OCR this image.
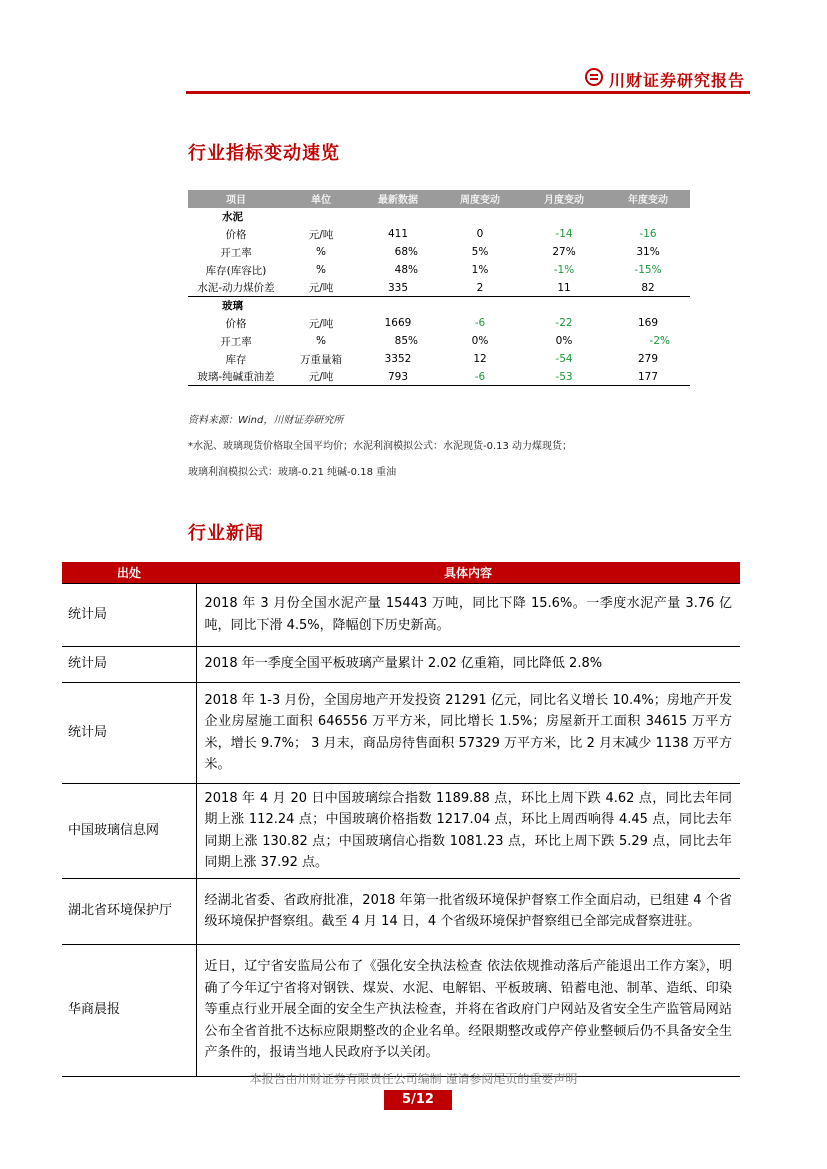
川财证券研究报告
行业指标变动速览
项目	单位	最新数据	周度变动	月度变动	年度变动
水泥					
价格	元/吨	411	0	-14	-16
开工率	%	68%	5%	27%	31%
库存(库容比)	%	48%	1%	-1%	-15%
水泥-动力煤价差	元/吨	335	2	11	82
玻璃					
价格	元/吨	1669	-6	-22	169
开工率	%	85%	0%	0%	-2%
库存	万重量箱	3352	12	-54	279
玻璃-纯碱重油差	元/吨	793	-6	-53	177
资料来源：Wind，川财证券研究所
*水泥、玻璃现货价格取全国平均价；水泥利润模拟公式：水泥现货-0.13 动力煤现货；
玻璃利润模拟公式：玻璃-0.21 纯碱-0.18 重油
行业新闻
出处	具体内容
统计局	2018 年 3 月份全国水泥产量 15443 万吨，同比下降 15.6%。一季度水泥产量 3.76 亿吨，同比下滑 4.5%，降幅创下历史新高。
统计局	2018 年一季度全国平板玻璃产量累计 2.02 亿重箱，同比降低 2.8%
统计局	2018 年 1-3 月份，全国房地产开发投资 21291 亿元，同比名义增长 10.4%；房地产开发企业房屋施工面积 646556 万平方米，同比增长 1.5%；房屋新开工面积 34615 万平方米，增长 9.7%； 3 月末，商品房待售面积 57329 万平方米，比 2 月末减少 1138 万平方米。
中国玻璃信息网	2018 年 4 月 20 日中国玻璃综合指数 1189.88 点，环比上周下跌 4.62 点，同比去年同期上涨 112.24 点；中国玻璃价格指数 1217.04 点，环比上周西响得 4.45 点，同比去年同期上涨 130.82 点；中国玻璃信心指数 1081.23 点，环比上周下跌 5.29 点，同比去年同期上涨 37.92 点。
湖北省环境保护厅	经湖北省委、省政府批准，2018 年第一批省级环境保护督察工作全面启动，已组建 4 个省级环境保护督察组。截至 4 月 14 日，4 个省级环境保护督察组已全部完成督察进驻。
华商晨报	近日，辽宁省安监局公布了《强化安全执法检查 依法依规推动落后产能退出工作方案》，明确了今年辽宁省将对钢铁、煤炭、水泥、电解铝、平板玻璃、铅蓄电池、制革、造纸、印染等重点行业开展全面的安全生产执法检查，并将在省政府门户网站及省安全生产监管局网站公布全省首批不达标应限期整改的企业名单。经限期整改或停产停业整顿后仍不具备安全生产条件的，报请当地人民政府予以关闭。
本报告由川财证券有限责任公司编制 谨请参阅尾页的重要声明
5/12
